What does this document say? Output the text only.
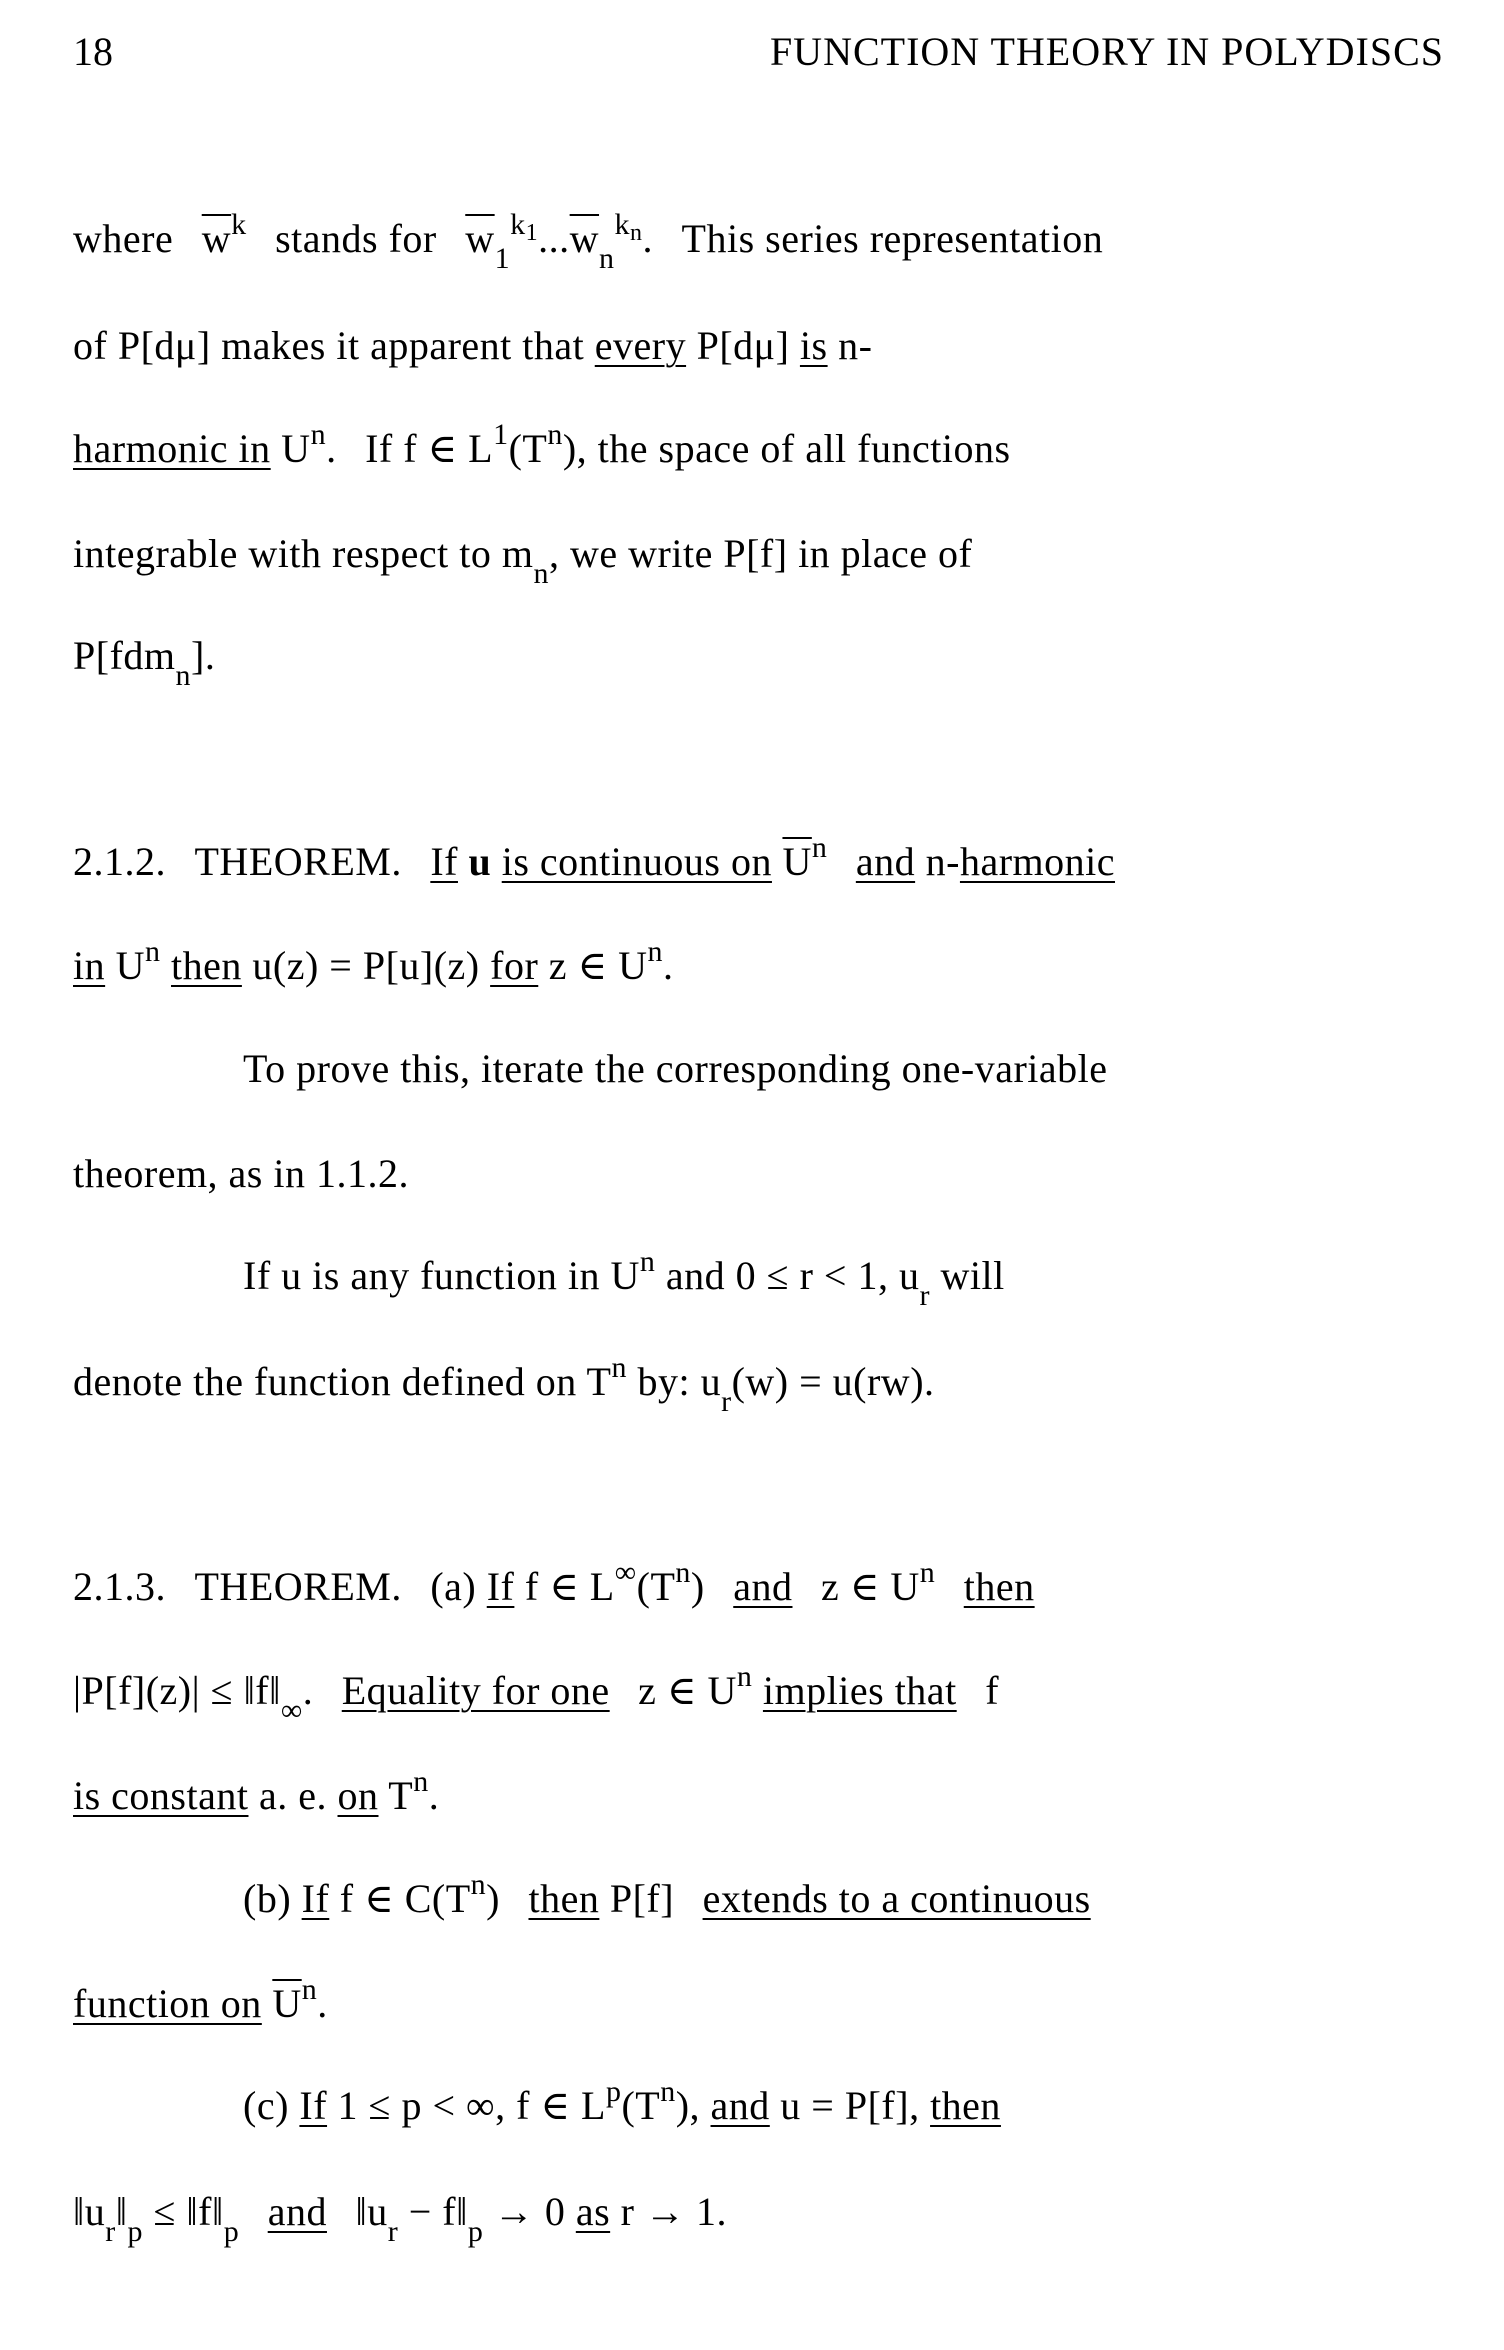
18	FUNCTION THEORY IN POLYDISCS
where $\overline{w}^k$ stands for $\overline{w}_1^{k_1}...\overline{w}_n^{k_n}$. This series representation
of P[dμ] makes it apparent that every P[dμ] is n-
harmonic in $U^n$. If f ∈ $L^1(T^n)$, the space of all functions
integrable with respect to $m_n$, we write P[f] in place of
P[fdm$_n$].
2.1.2. THEOREM. If u is continuous on $\overline{U}^n$ and n-harmonic
in $U^n$ then u(z) = P[u](z) for z ∈ $U^n$.
To prove this, iterate the corresponding one-variable
theorem, as in 1.1.2.
If u is any function in $U^n$ and 0 ≤ r < 1, $u_r$ will
denote the function defined on $T^n$ by: $u_r(w) = u(rw)$.
2.1.3. THEOREM. (a) If f ∈ $L^\infty(T^n)$ and z ∈ $U^n$ then
$|P[f](z)| \le ‖f‖_\infty$. Equality for one z ∈ $U^n$ implies that f
is constant a. e. on $T^n$.
(b) If f ∈ $C(T^n)$ then P[f] extends to a continuous
function on $\overline{U}^n$.
(c) If 1 ≤ p < ∞, f ∈ $L^p(T^n)$, and u = P[f], then
$‖u_r‖_p$ ≤ $‖f‖_p$ and $‖u_r$ − $f‖_p \to 0$ as r → 1.
